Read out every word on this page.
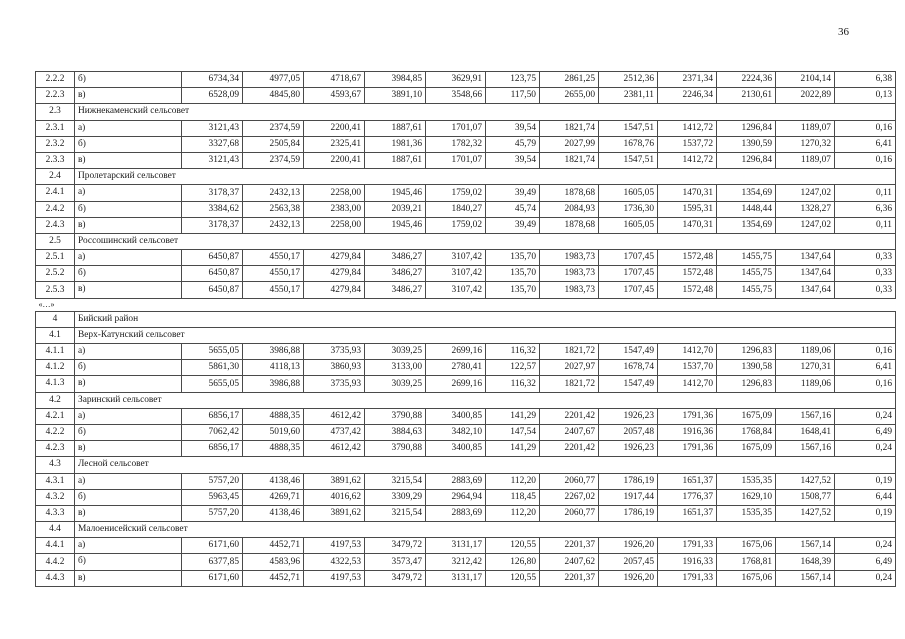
36
2.2.2	б)	6734,34	4977,05	4718,67	3984,85	3629,91	123,75	2861,25	2512,36	2371,34	2224,36	2104,14	6,38
2.2.3	в)	6528,09	4845,80	4593,67	3891,10	3548,66	117,50	2655,00	2381,11	2246,34	2130,61	2022,89	0,13
2.3	Нижнекаменский сельсовет												
2.3.1	а)	3121,43	2374,59	2200,41	1887,61	1701,07	39,54	1821,74	1547,51	1412,72	1296,84	1189,07	0,16
2.3.2	б)	3327,68	2505,84	2325,41	1981,36	1782,32	45,79	2027,99	1678,76	1537,72	1390,59	1270,32	6,41
2.3.3	в)	3121,43	2374,59	2200,41	1887,61	1701,07	39,54	1821,74	1547,51	1412,72	1296,84	1189,07	0,16
2.4	Пролетарский сельсовет												
2.4.1	а)	3178,37	2432,13	2258,00	1945,46	1759,02	39,49	1878,68	1605,05	1470,31	1354,69	1247,02	0,11
2.4.2	б)	3384,62	2563,38	2383,00	2039,21	1840,27	45,74	2084,93	1736,30	1595,31	1448,44	1328,27	6,36
2.4.3	в)	3178,37	2432,13	2258,00	1945,46	1759,02	39,49	1878,68	1605,05	1470,31	1354,69	1247,02	0,11
2.5	Россошинский сельсовет												
2.5.1	а)	6450,87	4550,17	4279,84	3486,27	3107,42	135,70	1983,73	1707,45	1572,48	1455,75	1347,64	0,33
2.5.2	б)	6450,87	4550,17	4279,84	3486,27	3107,42	135,70	1983,73	1707,45	1572,48	1455,75	1347,64	0,33
2.5.3	в)	6450,87	4550,17	4279,84	3486,27	3107,42	135,70	1983,73	1707,45	1572,48	1455,75	1347,64	0,33
«…»													
4	Бийский район												
4.1	Верх-Катунский сельсовет												
4.1.1	а)	5655,05	3986,88	3735,93	3039,25	2699,16	116,32	1821,72	1547,49	1412,70	1296,83	1189,06	0,16
4.1.2	б)	5861,30	4118,13	3860,93	3133,00	2780,41	122,57	2027,97	1678,74	1537,70	1390,58	1270,31	6,41
4.1.3	в)	5655,05	3986,88	3735,93	3039,25	2699,16	116,32	1821,72	1547,49	1412,70	1296,83	1189,06	0,16
4.2	Заринский сельсовет												
4.2.1	а)	6856,17	4888,35	4612,42	3790,88	3400,85	141,29	2201,42	1926,23	1791,36	1675,09	1567,16	0,24
4.2.2	б)	7062,42	5019,60	4737,42	3884,63	3482,10	147,54	2407,67	2057,48	1916,36	1768,84	1648,41	6,49
4.2.3	в)	6856,17	4888,35	4612,42	3790,88	3400,85	141,29	2201,42	1926,23	1791,36	1675,09	1567,16	0,24
4.3	Лесной сельсовет												
4.3.1	а)	5757,20	4138,46	3891,62	3215,54	2883,69	112,20	2060,77	1786,19	1651,37	1535,35	1427,52	0,19
4.3.2	б)	5963,45	4269,71	4016,62	3309,29	2964,94	118,45	2267,02	1917,44	1776,37	1629,10	1508,77	6,44
4.3.3	в)	5757,20	4138,46	3891,62	3215,54	2883,69	112,20	2060,77	1786,19	1651,37	1535,35	1427,52	0,19
4.4	Малоенисейский сельсовет												
4.4.1	а)	6171,60	4452,71	4197,53	3479,72	3131,17	120,55	2201,37	1926,20	1791,33	1675,06	1567,14	0,24
4.4.2	б)	6377,85	4583,96	4322,53	3573,47	3212,42	126,80	2407,62	2057,45	1916,33	1768,81	1648,39	6,49
4.4.3	в)	6171,60	4452,71	4197,53	3479,72	3131,17	120,55	2201,37	1926,20	1791,33	1675,06	1567,14	0,24
